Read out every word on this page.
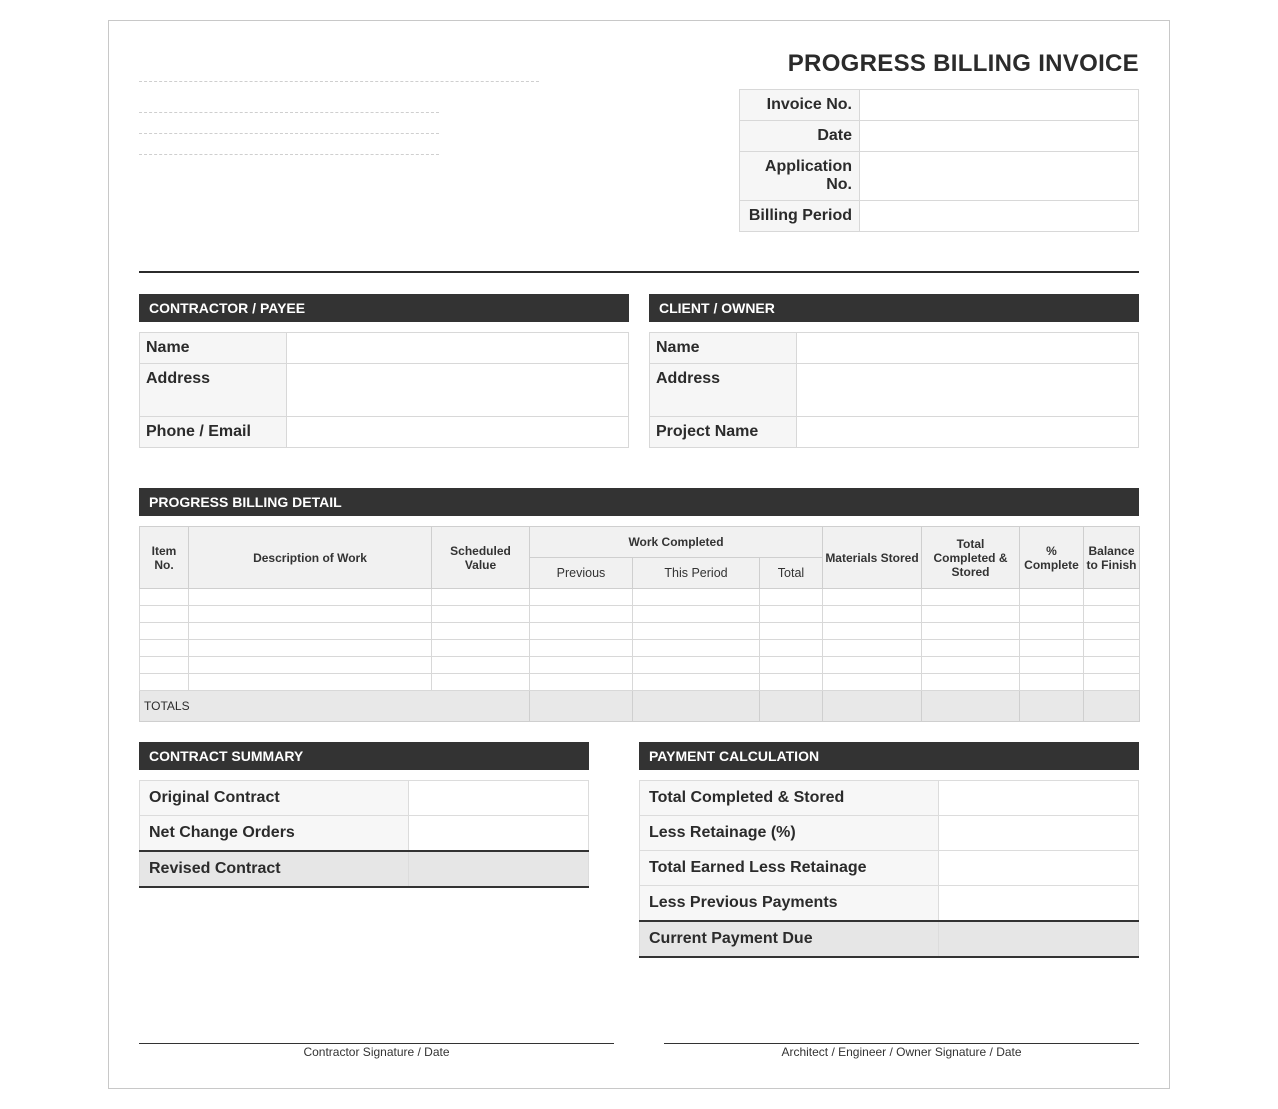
PROGRESS BILLING INVOICE
Invoice No.	
Date	
Application No.	
Billing Period	
CONTRACTOR / PAYEE
Name	
Address	
Phone / Email	
CLIENT / OWNER
Name	
Address	
Project Name	
PROGRESS BILLING DETAIL
Item No.	Description of Work	Scheduled Value	Work Completed			Materials Stored	Total Completed & Stored	% Complete	Balance to Finish	
			Previous	This Period	Total					

TOTALS										
CONTRACT SUMMARY
Original Contract	
Net Change Orders	
Revised Contract	
PAYMENT CALCULATION
Total Completed & Stored	
Less Retainage (%)	
Total Earned Less Retainage	
Less Previous Payments	
Current Payment Due	
Contractor Signature / Date	Architect / Engineer / Owner Signature / Date
